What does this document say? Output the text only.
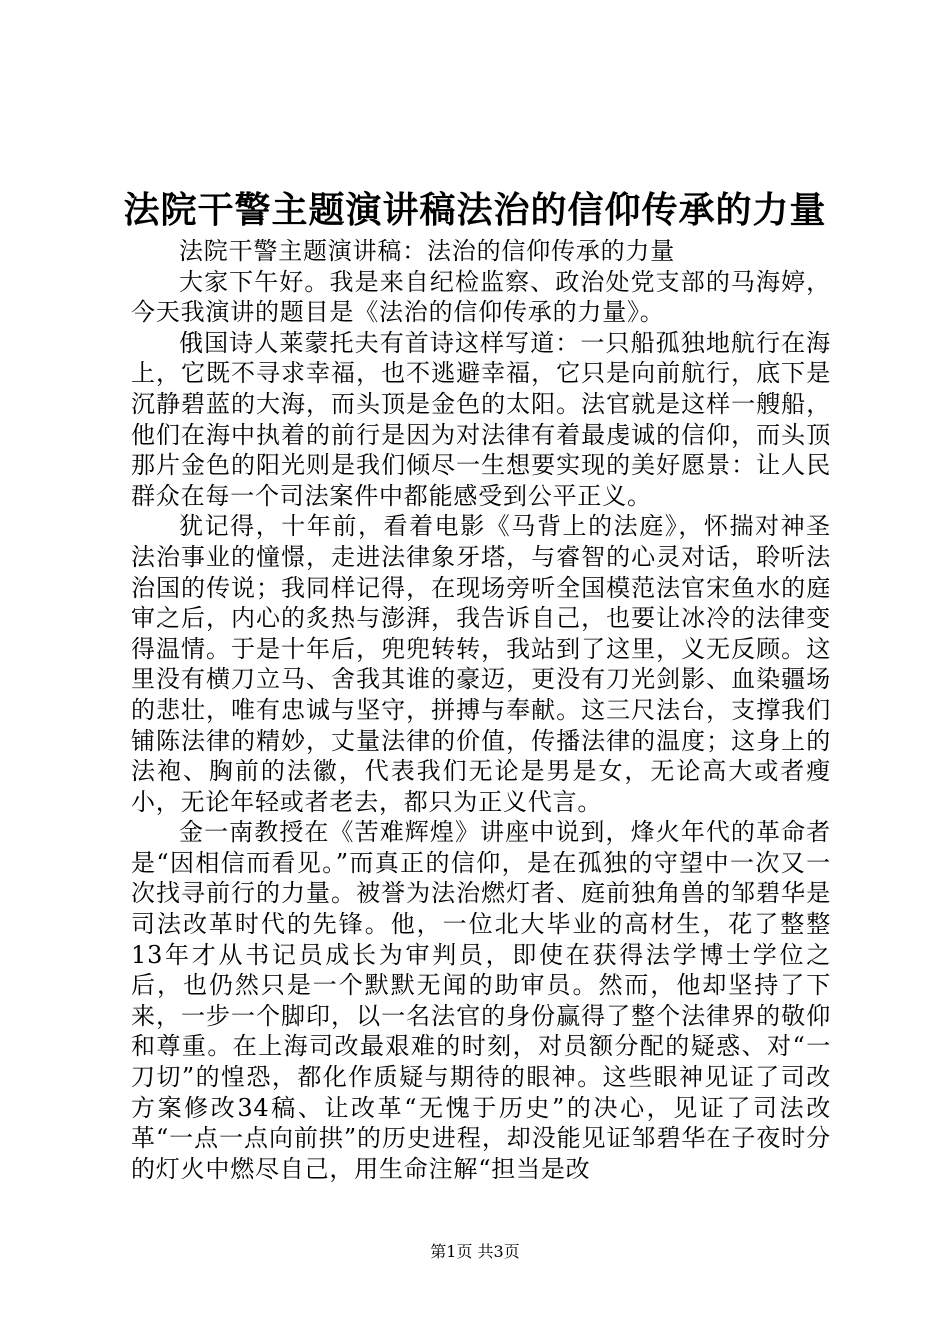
法院干警主题演讲稿法治的信仰传承的力量

法院干警主题演讲稿：法治的信仰传承的力量

大家下午好。我是来自纪检监察、政治处党支部的马海婷，今天我演讲的题目是《法治的信仰传承的力量》。

俄国诗人莱蒙托夫有首诗这样写道：一只船孤独地航行在海上，它既不寻求幸福，也不逃避幸福，它只是向前航行，底下是沉静碧蓝的大海，而头顶是金色的太阳。法官就是这样一艘船，他们在海中执着的前行是因为对法律有着最虔诚的信仰，而头顶那片金色的阳光则是我们倾尽一生想要实现的美好愿景：让人民群众在每一个司法案件中都能感受到公平正义。

犹记得，十年前，看着电影《马背上的法庭》，怀揣对神圣法治事业的憧憬，走进法律象牙塔，与睿智的心灵对话，聆听法治国的传说；我同样记得，在现场旁听全国模范法官宋鱼水的庭审之后，内心的炙热与澎湃，我告诉自己，也要让冰冷的法律变得温情。于是十年后，兜兜转转，我站到了这里，义无反顾。这里没有横刀立马、舍我其谁的豪迈，更没有刀光剑影、血染疆场的悲壮，唯有忠诚与坚守，拼搏与奉献。这三尺法台，支撑我们铺陈法律的精妙，丈量法律的价值，传播法律的温度；这身上的法袍、胸前的法徽，代表我们无论是男是女，无论高大或者瘦小，无论年轻或者老去，都只为正义代言。

金一南教授在《苦难辉煌》讲座中说到，烽火年代的革命者是“因相信而看见。”而真正的信仰，是在孤独的守望中一次又一次找寻前行的力量。被誉为法治燃灯者、庭前独角兽的邹碧华是司法改革时代的先锋。他，一位北大毕业的高材生，花了整整13年才从书记员成长为审判员，即使在获得法学博士学位之后，也仍然只是一个默默无闻的助审员。然而，他却坚持了下来，一步一个脚印，以一名法官的身份赢得了整个法律界的敬仰和尊重。在上海司改最艰难的时刻，对员额分配的疑惑、对“一刀切”的惶恐，都化作质疑与期待的眼神。这些眼神见证了司改方案修改34稿、让改革“无愧于历史”的决心，见证了司法改革“一点一点向前拱”的历史进程，却没能见证邹碧华在子夜时分的灯火中燃尽自己，用生命注解“担当是改

第1页 共3页
